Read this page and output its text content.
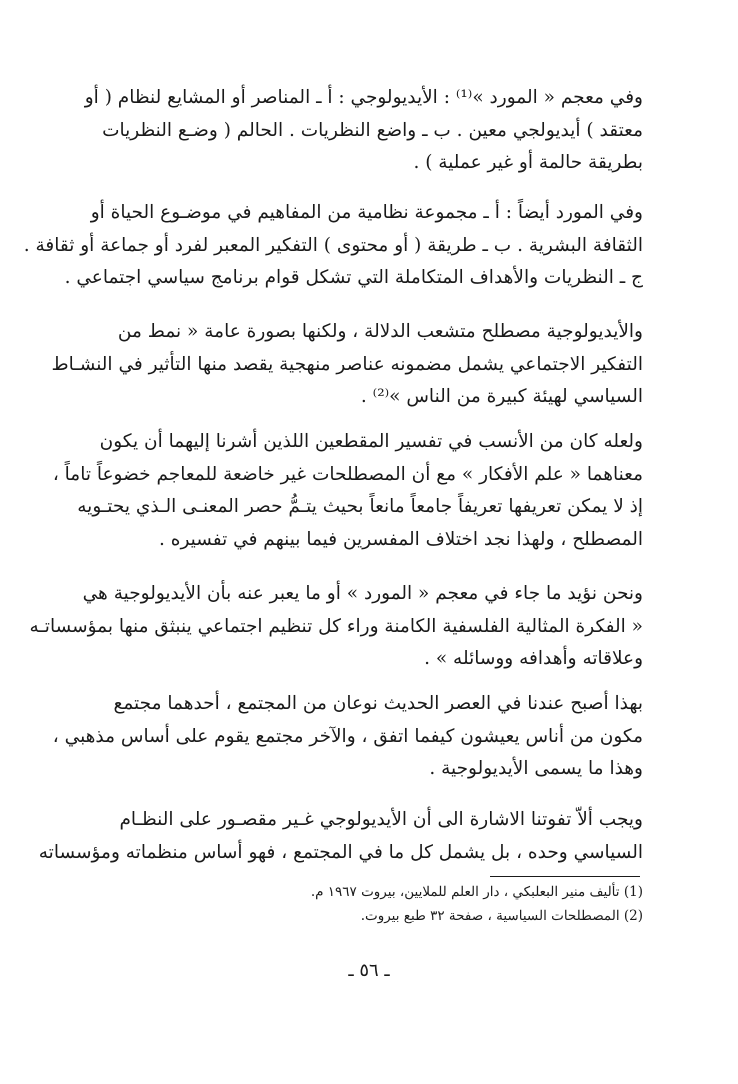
وفي معجم « المورد »⁽¹⁾ : الأيديولوجي : أ ـ المناصر أو المشايع لنظام ( أو
معتقد ) أيديولجي معين . ب ـ واضع النظريات . الحالم ( وضـع النظريات
بطريقة حالمة أو غير عملية ) .
وفي المورد أيضاً : أ ـ مجموعة نظامية من المفاهيم في موضـوع الحياة أو
الثقافة البشرية . ب ـ طريقة ( أو محتوى ) التفكير المعبر لفرد أو جماعة أو ثقافة .
ج ـ النظريات والأهداف المتكاملة التي تشكل قوام برنامج سياسي اجتماعي .
والأيديولوجية مصطلح متشعب الدلالة ، ولكنها بصورة عامة « نمط من
التفكير الاجتماعي يشمل مضمونه عناصر منهجية يقصد منها التأثير في النشـاط
السياسي لهيئة كبيرة من الناس »⁽²⁾ .
ولعله كان من الأنسب في تفسير المقطعين اللذين أشرنا إليهما أن يكون
معناهما « علم الأفكار » مع أن المصطلحات غير خاضعة للمعاجم خضوعاً تاماً ،
إذ لا يمكن تعريفها تعريفاً جامعاً مانعاً بحيث يتـمُّ حصر المعنـى الـذي يحتـويه
المصطلح ، ولهذا نجد اختلاف المفسرين فيما بينهم في تفسيره .
ونحن نؤيد ما جاء في معجم « المورد » أو ما يعبر عنه بأن الأيديولوجية هي
« الفكرة المثالية الفلسفية الكامنة وراء كل تنظيم اجتماعي ينبثق منها بمؤسساتـه
وعلاقاته وأهدافه ووسائله » .
بهذا أصبح عندنا في العصر الحديث نوعان من المجتمع ، أحدهما مجتمع
مكون من أناس يعيشون كيفما اتفق ، والآخر مجتمع يقوم على أساس مذهبي ،
وهذا ما يسمى الأيديولوجية .
ويجب ألاّ تفوتنا الاشارة الى أن الأيديولوجي غـير مقصـور على النظـام
السياسي وحده ، بل يشمل كل ما في المجتمع ، فهو أساس منظماته ومؤسساته
(1) تأليف منير البعلبكي ، دار العلم للملايين، بيروت ١٩٦٧ م.
(2) المصطلحات السياسية ، صفحة ٣٢ طبع بيروت.
ـ ٥٦ ـ
